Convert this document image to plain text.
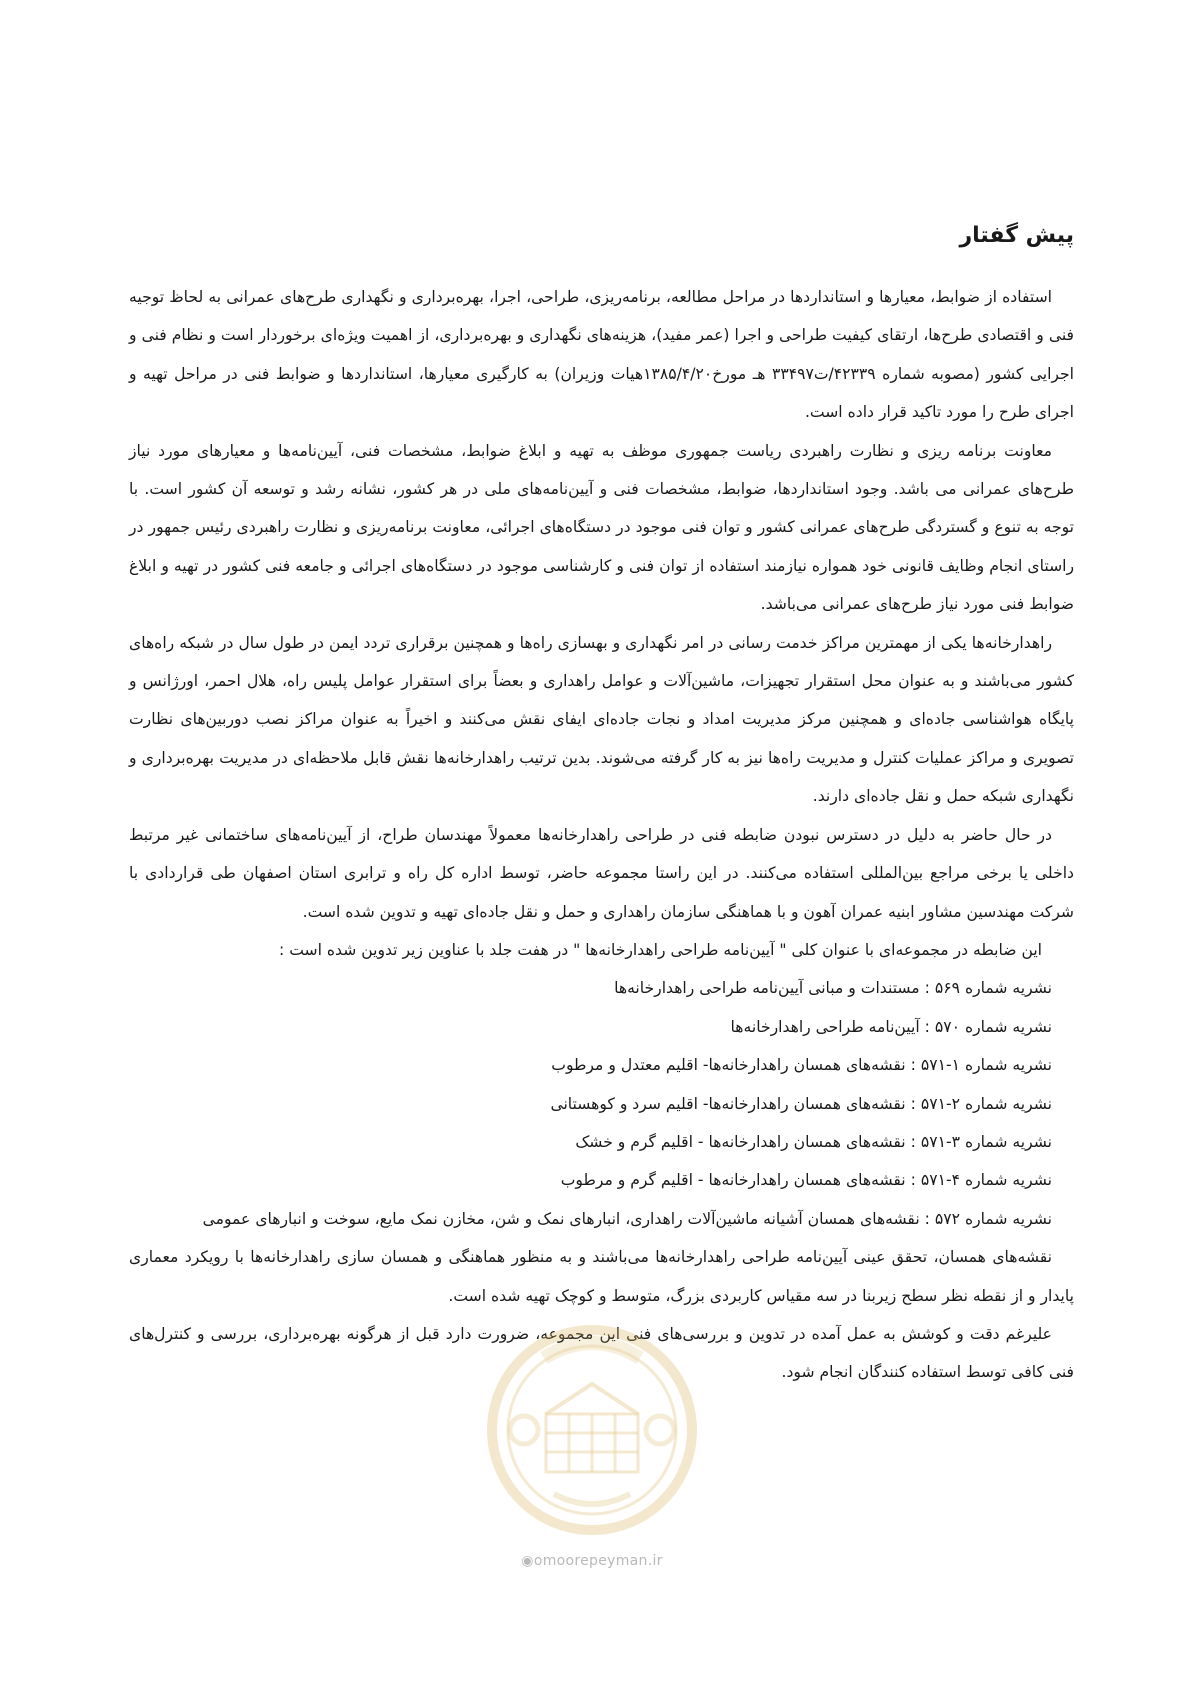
پیش گفتار

استفاده از ضوابط، معیارها و استانداردها در مراحل مطالعه، برنامه‌ریزی، طراحی، اجرا، بهره‌برداری و نگهداری طرح‌های عمرانی به لحاظ توجیه فنی و اقتصادی طرح‌ها، ارتقای کیفیت طراحی و اجرا (عمر مفید)، هزینه‌های نگهداری و بهره‌برداری، از اهمیت ویژه‌ای برخوردار است و نظام فنی و اجرایی کشور (مصوبه شماره ۴۲۳۳۹/ت۳۳۴۹۷ هـ مورخ۱۳۸۵/۴/۲۰هیات وزیران) به کارگیری معیارها، استانداردها و ضوابط فنی در مراحل تهیه و اجرای طرح را مورد تاکید قرار داده است.

معاونت برنامه ریزی و نظارت راهبردی ریاست جمهوری موظف به تهیه و ابلاغ ضوابط، مشخصات فنی، آیین‌نامه‌ها و معیارهای مورد نیاز طرح‌های عمرانی می باشد. وجود استانداردها، ضوابط، مشخصات فنی و آیین‌نامه‌های ملی در هر کشور، نشانه رشد و توسعه آن کشور است. با توجه به تنوع و گستردگی طرح‌های عمرانی کشور و توان فنی موجود در دستگاه‌های اجرائی، معاونت برنامه‌ریزی و نظارت راهبردی رئیس جمهور در راستای انجام وظایف قانونی خود همواره نیازمند استفاده از توان فنی و کارشناسی موجود در دستگاه‌های اجرائی و جامعه فنی کشور در تهیه و ابلاغ ضوابط فنی مورد نیاز طرح‌های عمرانی می‌باشد.

راهدارخانه‌ها یکی از مهمترین مراکز خدمت رسانی در امر نگهداری و بهسازی راه‌ها و همچنین برقراری تردد ایمن در طول سال در شبکه راه‌های کشور می‌باشند و به عنوان محل استقرار تجهیزات، ماشین‌آلات و عوامل راهداری و بعضاً برای استقرار عوامل پلیس راه، هلال احمر، اورژانس و پایگاه هواشناسی جاده‌ای و همچنین مرکز مدیریت امداد و نجات جاده‌ای ایفای نقش می‌کنند و اخیراً به عنوان مراکز نصب دوربین‌های نظارت تصویری و مراکز عملیات کنترل و مدیریت راه‌ها نیز به کار گرفته می‌شوند. بدین ترتیب راهدارخانه‌ها نقش قابل ملاحظه‌ای در مدیریت بهره‌برداری و نگهداری شبکه حمل و نقل جاده‌ای دارند.

در حال حاضر به دلیل در دسترس نبودن ضابطه فنی در طراحی راهدارخانه‌ها معمولاً مهندسان طراح، از آیین‌نامه‌های ساختمانی غیر مرتبط داخلی یا برخی مراجع بین‌المللی استفاده می‌کنند. در این راستا مجموعه حاضر، توسط اداره کل راه و ترابری استان اصفهان طی قراردادی با شرکت مهندسین مشاور ابنیه عمران آهون و با هماهنگی سازمان راهداری و حمل و نقل جاده‌ای تهیه و تدوین شده است.

این ضابطه در مجموعه‌ای با عنوان کلی " آیین‌نامه طراحی راهدارخانه‌ها " در هفت جلد با عناوین زیر تدوین شده است :
نشریه شماره ۵۶۹ : مستندات و مبانی آیین‌نامه طراحی راهدارخانه‌ها
نشریه شماره ۵۷۰ : آیین‌نامه طراحی راهدارخانه‌ها
نشریه شماره ۱-۵۷۱ : نقشه‌های همسان راهدارخانه‌ها- اقلیم معتدل و مرطوب
نشریه شماره ۲-۵۷۱ : نقشه‌های همسان راهدارخانه‌ها- اقلیم سرد و کوهستانی
نشریه شماره ۳-۵۷۱ : نقشه‌های همسان راهدارخانه‌ها - اقلیم گرم و خشک
نشریه شماره ۴-۵۷۱ : نقشه‌های همسان راهدارخانه‌ها - اقلیم گرم و مرطوب
نشریه شماره ۵۷۲ : نقشه‌های همسان آشیانه ماشین‌آلات راهداری، انبارهای نمک و شن، مخازن نمک مایع، سوخت و انبارهای عمومی

نقشه‌های همسان، تحقق عینی آیین‌نامه طراحی راهدارخانه‌ها می‌باشند و به منظور هماهنگی و همسان سازی راهدارخانه‌ها با رویکرد معماری پایدار و از نقطه نظر سطح زیربنا در سه مقیاس کاربردی بزرگ، متوسط و کوچک تهیه شده است.

علیرغم دقت و کوشش به عمل آمده در تدوین و بررسی‌های فنی این مجموعه، ضرورت دارد قبل از هرگونه بهره‌برداری، بررسی و کنترل‌های فنی کافی توسط استفاده کنندگان انجام شود.

◉omoorepeyman.ir
